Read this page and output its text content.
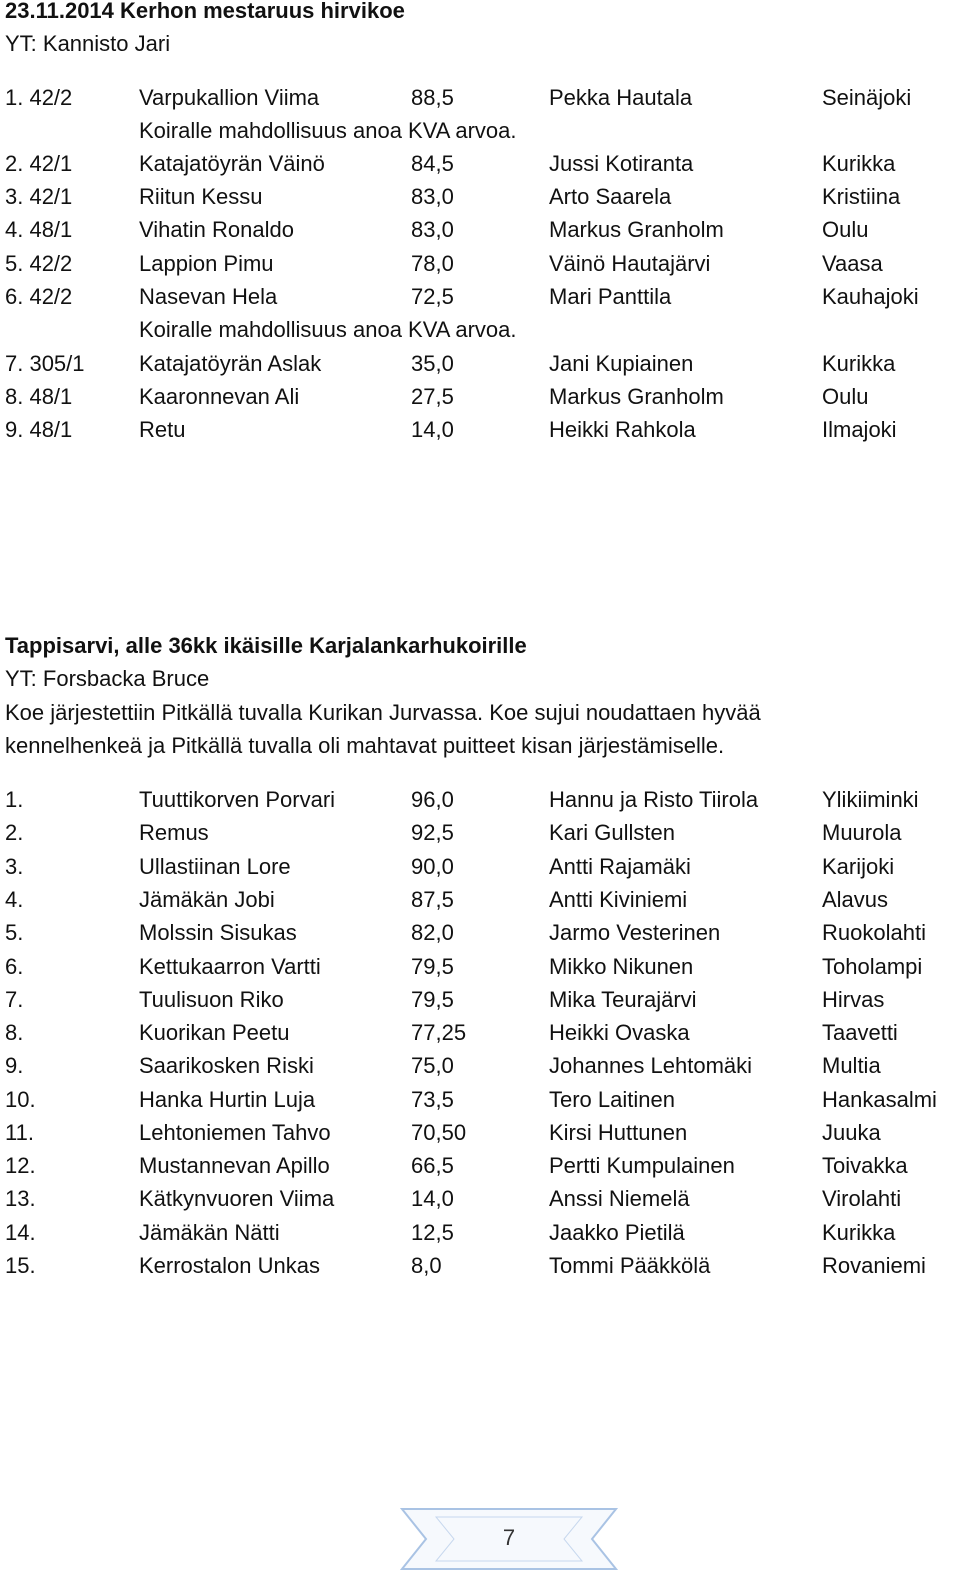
23.11.2014 Kerhon mestaruus hirvikoe
YT: Kannisto Jari
1. 42/2	Varpukallion Viima	88,5	Pekka Hautala	Seinäjoki
Koiralle mahdollisuus anoa KVA arvoa.
2. 42/1	Katajatöyrän Väinö	84,5	Jussi Kotiranta	Kurikka
3. 42/1	Riitun Kessu	83,0	Arto Saarela	Kristiina
4. 48/1	Vihatin Ronaldo	83,0	Markus Granholm	Oulu
5. 42/2	Lappion Pimu	78,0	Väinö Hautajärvi	Vaasa
6. 42/2	Nasevan Hela	72,5	Mari Panttila	Kauhajoki
Koiralle mahdollisuus anoa KVA arvoa.
7. 305/1 Katajatöyrän Aslak	35,0	Jani Kupiainen	Kurikka
8. 48/1	Kaaronnevan Ali	27,5	Markus Granholm	Oulu
9. 48/1	Retu	14,0	Heikki Rahkola	Ilmajoki
Tappisarvi, alle 36kk ikäisille Karjalankarhukoirille
YT: Forsbacka Bruce
Koe järjestettiin Pitkällä tuvalla Kurikan Jurvassa. Koe sujui noudattaen hyvää
kennelhenkeä ja Pitkällä tuvalla oli mahtavat puitteet kisan järjestämiselle.
1.	Tuuttikorven Porvari	96,0	Hannu ja Risto Tiirola	Ylikiiminki
2.	Remus	92,5	Kari Gullsten	Muurola
3.	Ullastiinan Lore	90,0	Antti Rajamäki	Karijoki
4.	Jämäkän Jobi	87,5	Antti Kiviniemi	Alavus
5.	Molssin Sisukas	82,0	Jarmo Vesterinen	Ruokolahti
6.	Kettukaarron Vartti	79,5	Mikko Nikunen	Toholampi
7.	Tuulisuon Riko	79,5	Mika Teurajärvi	Hirvas
8.	Kuorikan Peetu	77,25	Heikki Ovaska	Taavetti
9.	Saarikosken Riski	75,0	Johannes Lehtomäki	Multia
10.	Hanka Hurtin Luja	73,5	Tero Laitinen	Hankasalmi
11.	Lehtoniemen Tahvo	70,50	Kirsi Huttunen	Juuka
12.	Mustannevan Apillo	66,5	Pertti Kumpulainen	Toivakka
13.	Kätkynvuoren Viima	14,0	Anssi Niemelä	Virolahti
14.	Jämäkän Nätti	12,5	Jaakko Pietilä	Kurikka
15.	Kerrostalon Unkas	8,0	Tommi Pääkkölä	Rovaniemi
7
